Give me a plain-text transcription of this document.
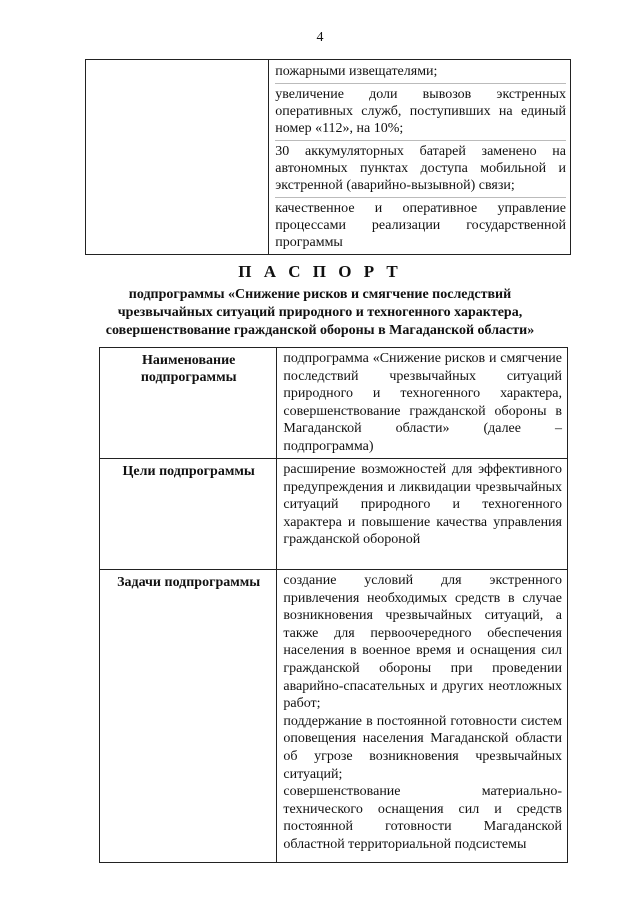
4

пожарными извещателями;
увеличение доли вывозов экстренных оперативных служб, поступивших на единый номер «112», на 10%;
30 аккумуляторных батарей заменено на автономных пунктах доступа мобильной и экстренной (аварийно-вызывной) связи;
качественное и оперативное управление процессами реализации государственной программы
П А С П О Р Т
подпрограммы «Снижение рисков и смягчение последствий
чрезвычайных ситуаций природного и техногенного характера,
совершенствование гражданской обороны в Магаданской области»
Наименование подпрограммы	подпрограмма «Снижение рисков и смягчение последствий чрезвычайных ситуаций природного и техногенного характера, совершенствование гражданской обороны в Магаданской области» (далее – подпрограмма)
Цели подпрограммы	расширение возможностей для эффективного предупреждения и ликвидации чрезвычайных ситуаций природного и техногенного характера и повышение качества управления гражданской обороной
Задачи подпрограммы	создание условий для экстренного привлечения необходимых средств в случае возникновения чрезвычайных ситуаций, а также для первоочередного обеспечения населения в военное время и оснащения сил гражданской обороны при проведении аварийно-спасательных и других неотложных работ;
поддержание в постоянной готовности систем оповещения населения Магаданской области об угрозе возникновения чрезвычайных ситуаций;
совершенствование материально-технического оснащения сил и средств постоянной готовности Магаданской областной территориальной подсистемы
